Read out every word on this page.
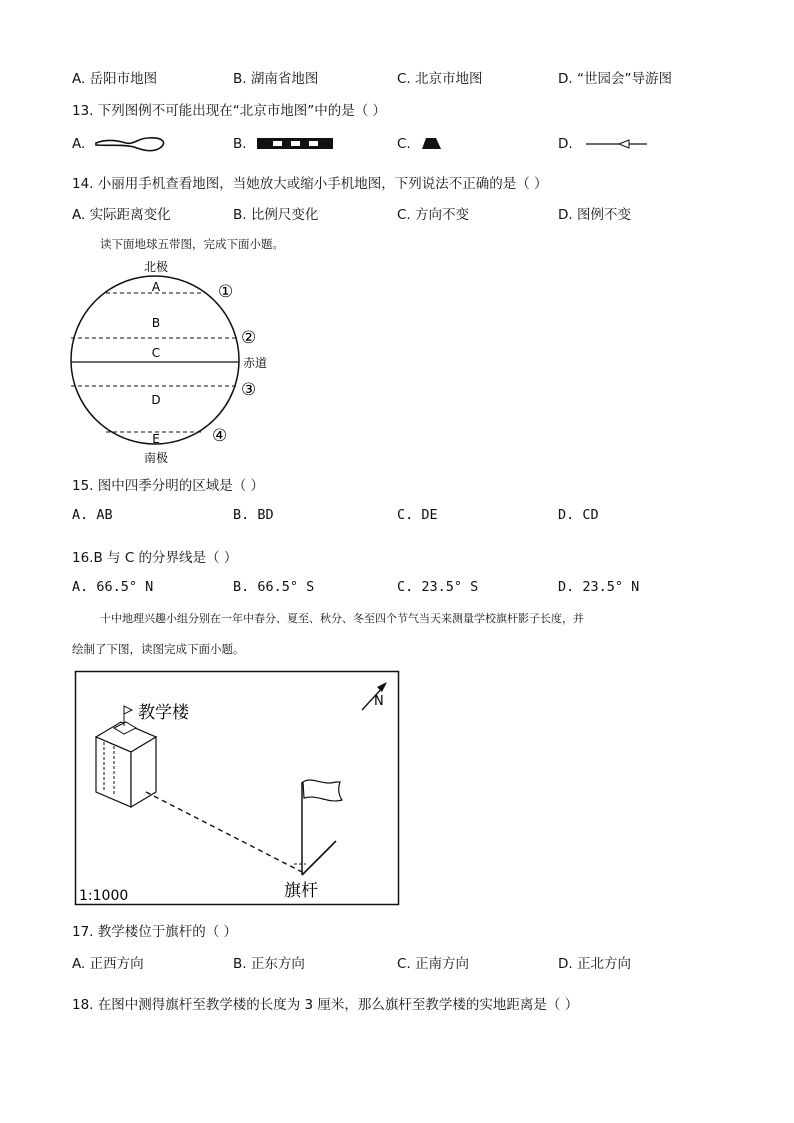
A. 岳阳市地图	B. 湖南省地图	C. 北京市地图	D. “世园会”导游图
13. 下列图例不可能出现在“北京市地图”中的是（ ）
A.	B.	C.	D.
14. 小丽用手机查看地图，当她放大或缩小手机地图，下列说法不正确的是（ ）
A. 实际距离变化	B. 比例尺变化	C. 方向不变	D. 图例不变
读下面地球五带图，完成下面小题。
北极
A
B
C
D
E
南极
赤道
①
②
③
④
15. 图中四季分明的区域是（ ）
A. AB	B. BD	C. DE	D. CD
16.B 与 C 的分界线是（ ）
A. 66.5° N	B. 66.5° S	C. 23.5° S	D. 23.5° N
十中地理兴趣小组分别在一年中春分、夏至、秋分、冬至四个节气当天来测量学校旗杆影子长度，并
绘制了下图，读图完成下面小题。
N
教学楼
旗杆
1:1000
17. 教学楼位于旗杆的（ ）
A. 正西方向	B. 正东方向	C. 正南方向	D. 正北方向
18. 在图中测得旗杆至教学楼的长度为 3 厘米，那么旗杆至教学楼的实地距离是（ ）
